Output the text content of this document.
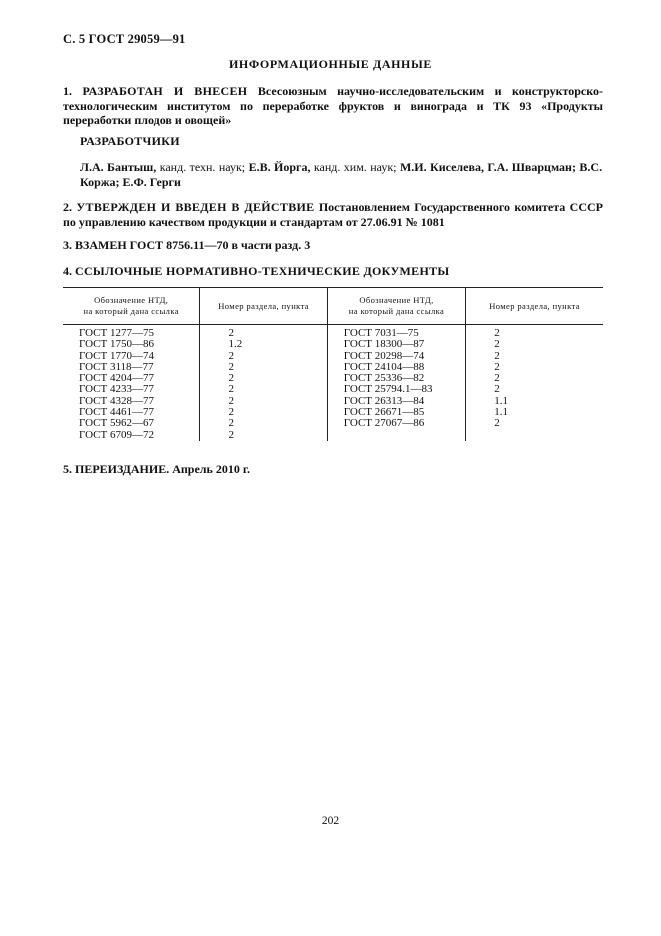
С. 5 ГОСТ 29059—91
ИНФОРМАЦИОННЫЕ ДАННЫЕ
1. РАЗРАБОТАН И ВНЕСЕН Всесоюзным научно-исследовательским и конструкторско-технологическим институтом по переработке фруктов и винограда и ТК 93 «Продукты переработки плодов и овощей»
РАЗРАБОТЧИКИ
Л.А. Бантыш, канд. техн. наук; Е.В. Йорга, канд. хим. наук; М.И. Киселева, Г.А. Шварцман; В.С. Коржа; Е.Ф. Герги
2. УТВЕРЖДЕН И ВВЕДЕН В ДЕЙСТВИЕ Постановлением Государственного комитета СССР по управлению качеством продукции и стандартам от 27.06.91 № 1081
3. ВЗАМЕН ГОСТ 8756.11—70 в части разд. 3
4. ССЫЛОЧНЫЕ НОРМАТИВНО-ТЕХНИЧЕСКИЕ ДОКУМЕНТЫ
Обозначение НТД,
на который дана ссылка	Номер раздела, пункта	Обозначение НТД,
на который дана ссылка	Номер раздела, пункта
ГОСТ 1277—75	2	ГОСТ 7031—75	2
ГОСТ 1750—86	1.2	ГОСТ 18300—87	2
ГОСТ 1770—74	2	ГОСТ 20298—74	2
ГОСТ 3118—77	2	ГОСТ 24104—88	2
ГОСТ 4204—77	2	ГОСТ 25336—82	2
ГОСТ 4233—77	2	ГОСТ 25794.1—83	2
ГОСТ 4328—77	2	ГОСТ 26313—84	1.1
ГОСТ 4461—77	2	ГОСТ 26671—85	1.1
ГОСТ 5962—67	2	ГОСТ 27067—86	2
ГОСТ 6709—72	2		
5. ПЕРЕИЗДАНИЕ. Апрель 2010 г.
202
